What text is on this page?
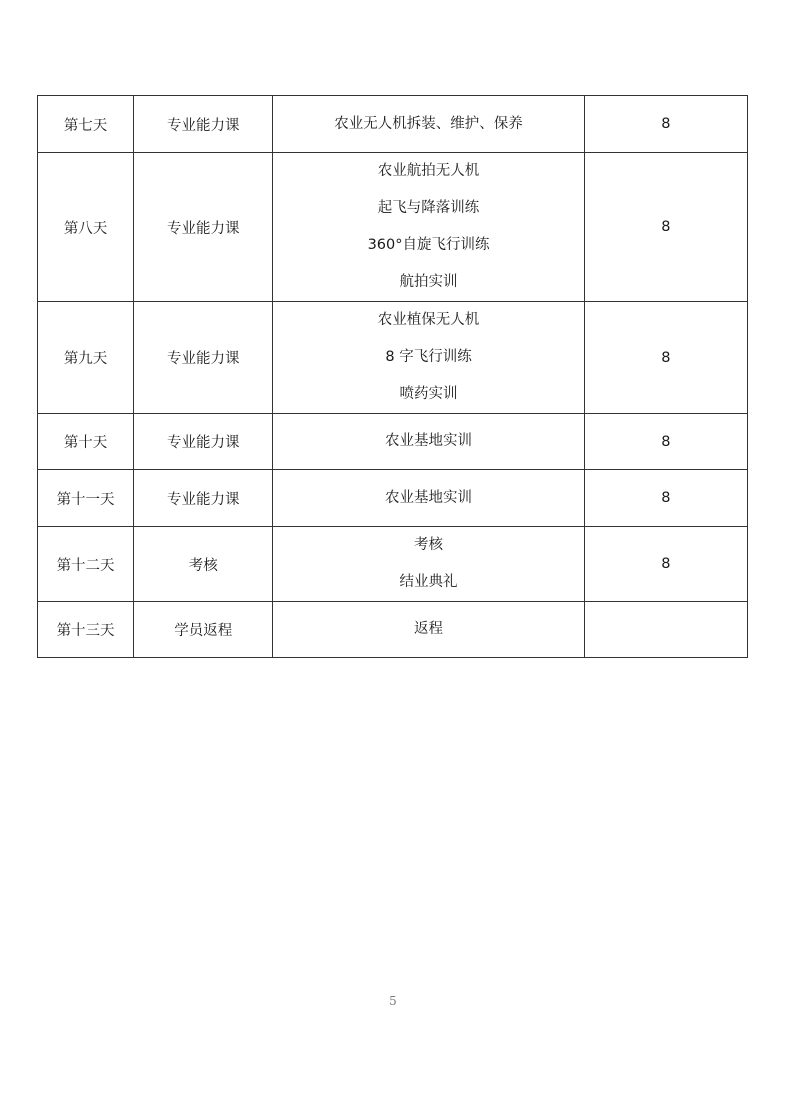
第七天	专业能力课	农业无人机拆装、维护、保养	8
第八天	专业能力课	农业航拍无人机
起飞与降落训练
360°自旋飞行训练
航拍实训	8
第九天	专业能力课	农业植保无人机
8 字飞行训练
喷药实训	8
第十天	专业能力课	农业基地实训	8
第十一天	专业能力课	农业基地实训	8
第十二天	考核	考核
结业典礼	8
第十三天	学员返程	返程	

5
